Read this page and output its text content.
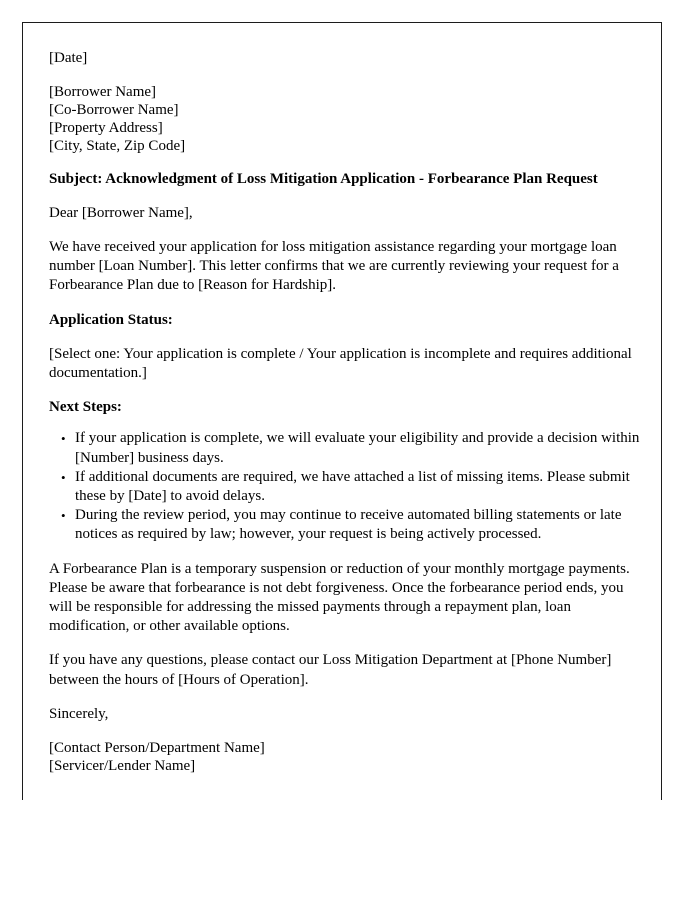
[Date]
[Borrower Name]
[Co-Borrower Name]
[Property Address]
[City, State, Zip Code]
Subject: Acknowledgment of Loss Mitigation Application - Forbearance Plan Request
Dear [Borrower Name],

We have received your application for loss mitigation assistance regarding your mortgage loan number [Loan Number]. This letter confirms that we are currently reviewing your request for a Forbearance Plan due to [Reason for Hardship].

Application Status:

[Select one: Your application is complete / Your application is incomplete and requires additional documentation.]

Next Steps:
• If your application is complete, we will evaluate your eligibility and provide a decision within [Number] business days.
• If additional documents are required, we have attached a list of missing items. Please submit these by [Date] to avoid delays.
• During the review period, you may continue to receive automated billing statements or late notices as required by law; however, your request is being actively processed.

A Forbearance Plan is a temporary suspension or reduction of your monthly mortgage payments. Please be aware that forbearance is not debt forgiveness. Once the forbearance period ends, you will be responsible for addressing the missed payments through a repayment plan, loan modification, or other available options.

If you have any questions, please contact our Loss Mitigation Department at [Phone Number] between the hours of [Hours of Operation].

Sincerely,
[Contact Person/Department Name]
[Servicer/Lender Name]
